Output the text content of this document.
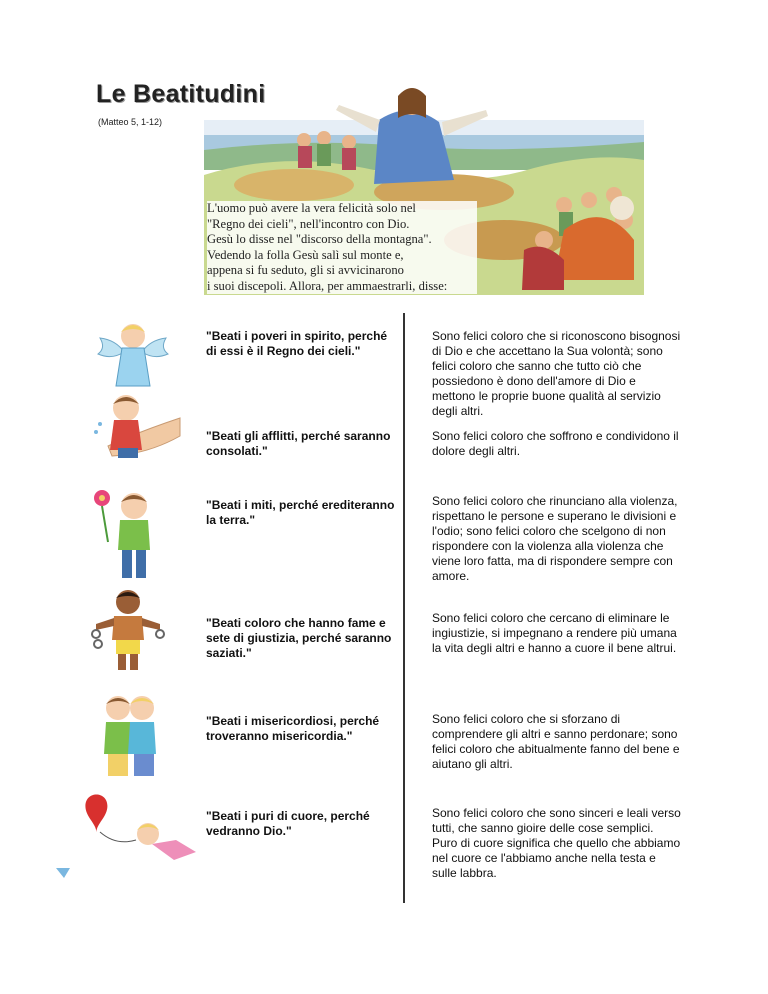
Le Beatitudini
(Matteo 5, 1-12)
L'uomo può avere la vera felicità solo nel
"Regno dei cieli", nell'incontro con Dio.
Gesù lo disse nel "discorso della montagna".
Vedendo la folla Gesù salì sul monte e,
appena si fu seduto, gli si avvicinarono
i suoi discepoli. Allora, per ammaestrarli, disse:
"Beati i poveri in spirito, perché di essi è il Regno dei cieli."
Sono felici coloro che si riconoscono bisognosi di Dio e che accettano la Sua volontà; sono felici coloro che sanno che tutto ciò che possiedono è dono dell'amore di Dio e mettono le proprie buone qualità al servizio degli altri.
"Beati gli afflitti, perché saranno consolati."
Sono felici coloro che soffrono e condividono il dolore degli altri.
"Beati i miti, perché erediteranno la terra."
Sono felici coloro che rinunciano alla violenza, rispettano le persone e superano le divisioni e l'odio; sono felici coloro che scelgono di non rispondere con la violenza alla violenza che viene loro fatta, ma di rispondere sempre con amore.
"Beati coloro che hanno fame e sete di giustizia, perché saranno saziati."
Sono felici coloro che cercano di eliminare le ingiustizie, si impegnano a rendere più umana la vita degli altri e hanno a cuore il bene altrui.
"Beati i misericordiosi, perché troveranno misericordia."
Sono felici coloro che si sforzano di comprendere gli altri e sanno perdonare; sono felici coloro che abitualmente fanno del bene e aiutano gli altri.
"Beati i puri di cuore, perché vedranno Dio."
Sono felici coloro che sono sinceri e leali verso tutti, che sanno gioire delle cose semplici. Puro di cuore significa che quello che abbiamo nel cuore ce l'abbiamo anche nella testa e sulle labbra.
